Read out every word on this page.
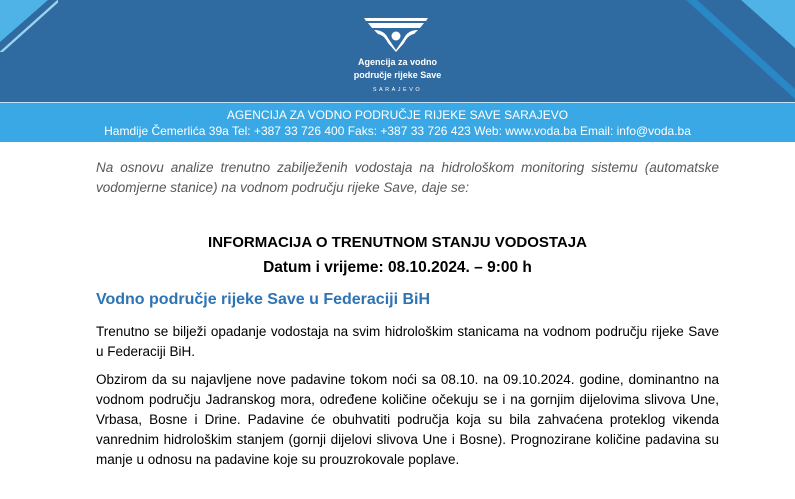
Agencija za vodno
područje rijeke Save
SARAJEVO
AGENCIJA ZA VODNO PODRUČJE RIJEKE SAVE SARAJEVO
Hamdije Čemerlića 39a Tel: +387 33 726 400 Faks: +387 33 726 423 Web: www.voda.ba Email: info@voda.ba

Na osnovu analize trenutno zabilježenih vodostaja na hidrološkom monitoring sistemu (automatske vodomjerne stanice) na vodnom području rijeke Save, daje se:

INFORMACIJA O TRENUTNOM STANJU VODOSTAJA
Datum i vrijeme: 08.10.2024. – 9:00 h
Vodno područje rijeke Save u Federaciji BiH

Trenutno se bilježi opadanje vodostaja na svim hidrološkim stanicama na vodnom području rijeke Save u Federaciji BiH.

Obzirom da su najavljene nove padavine tokom noći sa 08.10. na 09.10.2024. godine, dominantno na vodnom području Jadranskog mora, određene količine očekuju se i na gornjim dijelovima slivova Une, Vrbasa, Bosne i Drine. Padavine će obuhvatiti područja koja su bila zahvaćena proteklog vikenda vanrednim hidrološkim stanjem (gornji dijelovi slivova Une i Bosne). Prognozirane količine padavina su manje u odnosu na padavine koje su prouzrokovale poplave.
